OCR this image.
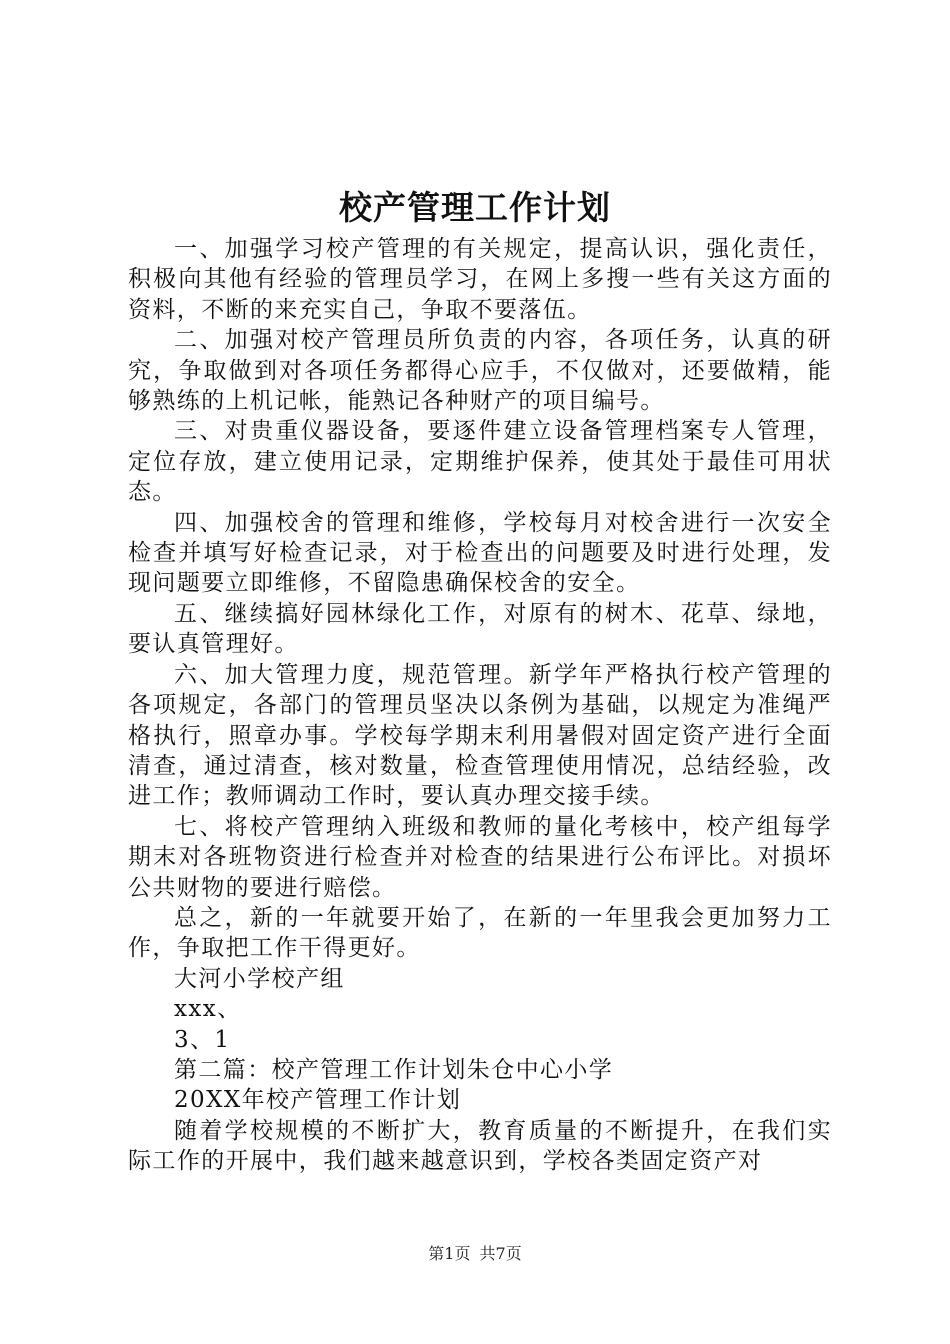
校产管理工作计划

一、加强学习校产管理的有关规定，提高认识，强化责任，积极向其他有经验的管理员学习，在网上多搜一些有关这方面的资料，不断的来充实自己，争取不要落伍。

二、加强对校产管理员所负责的内容，各项任务，认真的研究，争取做到对各项任务都得心应手，不仅做对，还要做精，能够熟练的上机记帐，能熟记各种财产的项目编号。

三、对贵重仪器设备，要逐件建立设备管理档案专人管理，定位存放，建立使用记录，定期维护保养，使其处于最佳可用状态。

四、加强校舍的管理和维修，学校每月对校舍进行一次安全检查并填写好检查记录，对于检查出的问题要及时进行处理，发现问题要立即维修，不留隐患确保校舍的安全。

五、继续搞好园林绿化工作，对原有的树木、花草、绿地，要认真管理好。

六、加大管理力度，规范管理。新学年严格执行校产管理的各项规定，各部门的管理员坚决以条例为基础，以规定为准绳严格执行，照章办事。学校每学期末利用暑假对固定资产进行全面清查，通过清查，核对数量，检查管理使用情况，总结经验，改进工作；教师调动工作时，要认真办理交接手续。

七、将校产管理纳入班级和教师的量化考核中，校产组每学期末对各班物资进行检查并对检查的结果进行公布评比。对损坏公共财物的要进行赔偿。

总之，新的一年就要开始了，在新的一年里我会更加努力工作，争取把工作干得更好。

大河小学校产组

xxx、

3、1

第二篇：校产管理工作计划朱仓中心小学

20XX年校产管理工作计划

随着学校规模的不断扩大，教育质量的不断提升，在我们实际工作的开展中，我们越来越意识到，学校各类固定资产对

第1页 共7页
